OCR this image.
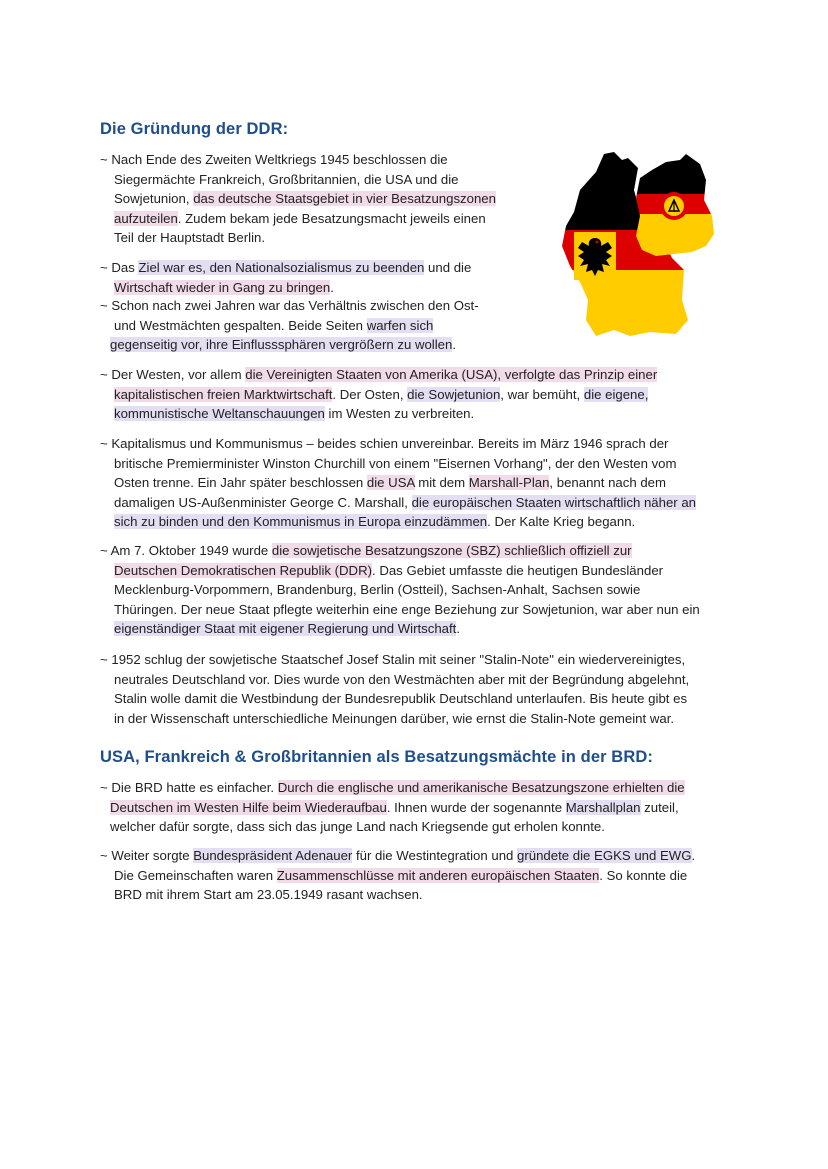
Die Gründung der DDR:

~ Nach Ende des Zweiten Weltkriegs 1945 beschlossen die
Siegermächte Frankreich, Großbritannien, die USA und die
Sowjetunion, das deutsche Staatsgebiet in vier Besatzungszonen
aufzuteilen. Zudem bekam jede Besatzungsmacht jeweils einen
Teil der Hauptstadt Berlin.

~ Das Ziel war es, den Nationalsozialismus zu beenden und die
Wirtschaft wieder in Gang zu bringen.

~ Schon nach zwei Jahren war das Verhältnis zwischen den Ost-
und Westmächten gespalten. Beide Seiten warfen sich
gegenseitig vor, ihre Einflusssphären vergrößern zu wollen.

~ Der Westen, vor allem die Vereinigten Staaten von Amerika (USA), verfolgte das Prinzip einer
kapitalistischen freien Marktwirtschaft. Der Osten, die Sowjetunion, war bemüht, die eigene,
kommunistische Weltanschauungen im Westen zu verbreiten.

~ Kapitalismus und Kommunismus – beides schien unvereinbar. Bereits im März 1946 sprach der
britische Premierminister Winston Churchill von einem "Eisernen Vorhang", der den Westen vom
Osten trenne. Ein Jahr später beschlossen die USA mit dem Marshall-Plan, benannt nach dem
damaligen US-Außenminister George C. Marshall, die europäischen Staaten wirtschaftlich näher an
sich zu binden und den Kommunismus in Europa einzudämmen. Der Kalte Krieg begann.

~ Am 7. Oktober 1949 wurde die sowjetische Besatzungszone (SBZ) schließlich offiziell zur
Deutschen Demokratischen Republik (DDR). Das Gebiet umfasste die heutigen Bundesländer
Mecklenburg-Vorpommern, Brandenburg, Berlin (Ostteil), Sachsen-Anhalt, Sachsen sowie
Thüringen. Der neue Staat pflegte weiterhin eine enge Beziehung zur Sowjetunion, war aber nun ein
eigenständiger Staat mit eigener Regierung und Wirtschaft.

~ 1952 schlug der sowjetische Staatschef Josef Stalin mit seiner "Stalin-Note" ein wiedervereinigtes,
neutrales Deutschland vor. Dies wurde von den Westmächten aber mit der Begründung abgelehnt,
Stalin wolle damit die Westbindung der Bundesrepublik Deutschland unterlaufen. Bis heute gibt es
in der Wissenschaft unterschiedliche Meinungen darüber, wie ernst die Stalin-Note gemeint war.

USA, Frankreich & Großbritannien als Besatzungsmächte in der BRD:

~ Die BRD hatte es einfacher. Durch die englische und amerikanische Besatzungszone erhielten die
Deutschen im Westen Hilfe beim Wiederaufbau. Ihnen wurde der sogenannte Marshallplan zuteil,
welcher dafür sorgte, dass sich das junge Land nach Kriegsende gut erholen konnte.

~ Weiter sorgte Bundespräsident Adenauer für die Westintegration und gründete die EGKS und EWG.
Die Gemeinschaften waren Zusammenschlüsse mit anderen europäischen Staaten. So konnte die
BRD mit ihrem Start am 23.05.1949 rasant wachsen.
